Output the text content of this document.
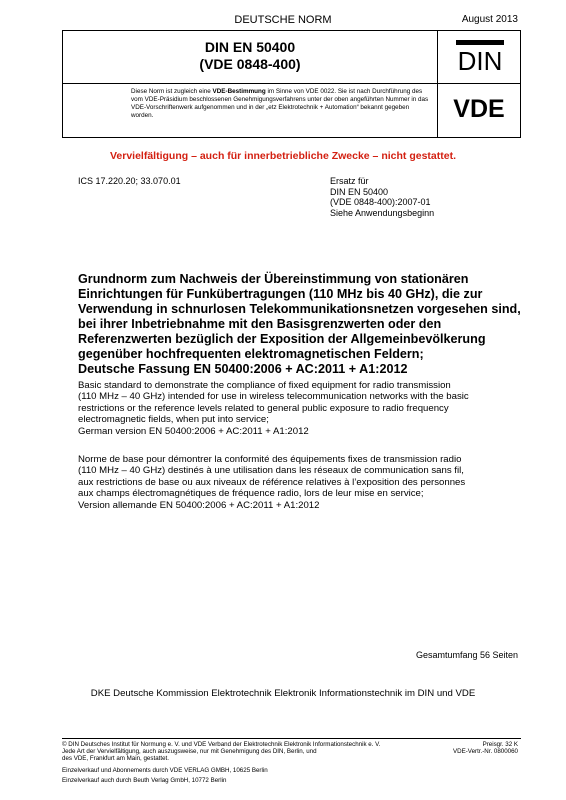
DEUTSCHE NORM	August 2013
DIN EN 50400
(VDE 0848-400)
Diese Norm ist zugleich eine VDE-Bestimmung im Sinne von VDE 0022. Sie ist nach Durchführung des vom VDE-Präsidium beschlossenen Genehmigungsverfahrens unter der oben angeführten Nummer in das VDE-Vorschriftenwerk aufgenommen und in der „etz Elektrotechnik + Automation“ bekannt gegeben worden.
DIN
VDE
Vervielfältigung – auch für innerbetriebliche Zwecke – nicht gestattet.
ICS 17.220.20; 33.070.01	Ersatz für
DIN EN 50400
(VDE 0848-400):2007-01
Siehe Anwendungsbeginn
Grundnorm zum Nachweis der Übereinstimmung von stationären
Einrichtungen für Funkübertragungen (110 MHz bis 40 GHz), die zur
Verwendung in schnurlosen Telekommunikationsnetzen vorgesehen sind,
bei ihrer Inbetriebnahme mit den Basisgrenzwerten oder den
Referenzwerten bezüglich der Exposition der Allgemeinbevölkerung
gegenüber hochfrequenten elektromagnetischen Feldern;
Deutsche Fassung EN 50400:2006 + AC:2011 + A1:2012
Basic standard to demonstrate the compliance of fixed equipment for radio transmission
(110 MHz – 40 GHz) intended for use in wireless telecommunication networks with the basic
restrictions or the reference levels related to general public exposure to radio frequency
electromagnetic fields, when put into service;
German version EN 50400:2006 + AC:2011 + A1:2012
Norme de base pour démontrer la conformité des équipements fixes de transmission radio
(110 MHz – 40 GHz) destinés à une utilisation dans les réseaux de communication sans fil,
aux restrictions de base ou aux niveaux de référence relatives à l’exposition des personnes
aux champs électromagnétiques de fréquence radio, lors de leur mise en service;
Version allemande EN 50400:2006 + AC:2011 + A1:2012
Gesamtumfang 56 Seiten
DKE Deutsche Kommission Elektrotechnik Elektronik Informationstechnik im DIN und VDE
© DIN Deutsches Institut für Normung e. V. und VDE Verband der Elektrotechnik Elektronik Informationstechnik e. V.
Jede Art der Vervielfältigung, auch auszugsweise, nur mit Genehmigung des DIN, Berlin, und
des VDE, Frankfurt am Main, gestattet.
Preisgr. 32 K
VDE-Vertr.-Nr. 0800060
Einzelverkauf und Abonnements durch VDE VERLAG GMBH, 10625 Berlin
Einzelverkauf auch durch Beuth Verlag GmbH, 10772 Berlin
